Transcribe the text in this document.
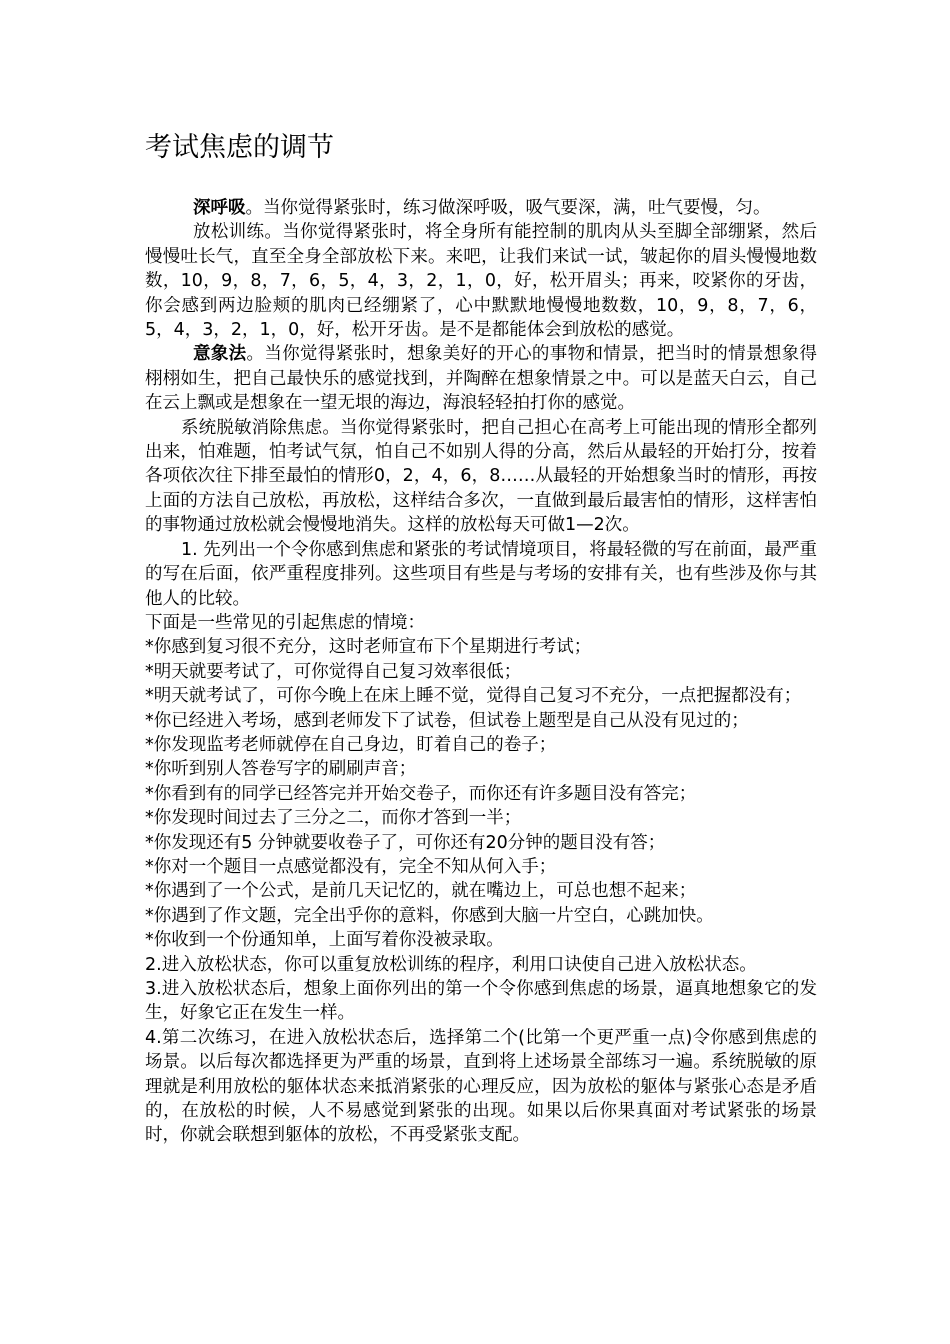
考试焦虑的调节

深呼吸。当你觉得紧张时，练习做深呼吸，吸气要深，满，吐气要慢，匀。

放松训练。当你觉得紧张时，将全身所有能控制的肌肉从头至脚全部绷紧，然后慢慢吐长气，直至全身全部放松下来。来吧，让我们来试一试，皱起你的眉头慢慢地数数，10，9，8，7，6，5，4，3，2，1，0，好，松开眉头；再来，咬紧你的牙齿，你会感到两边脸颊的肌肉已经绷紧了，心中默默地慢慢地数数，10，9，8，7，6，5，4，3，2，1，0，好，松开牙齿。是不是都能体会到放松的感觉。

意象法。当你觉得紧张时，想象美好的开心的事物和情景，把当时的情景想象得栩栩如生，把自己最快乐的感觉找到，并陶醉在想象情景之中。可以是蓝天白云，自己在云上飘或是想象在一望无垠的海边，海浪轻轻拍打你的感觉。

系统脱敏消除焦虑。当你觉得紧张时，把自己担心在高考上可能出现的情形全都列出来，怕难题，怕考试气氛，怕自己不如别人得的分高，然后从最轻的开始打分，按着各项依次往下排至最怕的情形0，2，4，6，8……从最轻的开始想象当时的情形，再按上面的方法自己放松，再放松，这样结合多次，一直做到最后最害怕的情形，这样害怕的事物通过放松就会慢慢地消失。这样的放松每天可做1—2次。

1. 先列出一个令你感到焦虑和紧张的考试情境项目，将最轻微的写在前面，最严重的写在后面，依严重程度排列。这些项目有些是与考场的安排有关，也有些涉及你与其他人的比较。

下面是一些常见的引起焦虑的情境：

*你感到复习很不充分，这时老师宣布下个星期进行考试；

*明天就要考试了，可你觉得自己复习效率很低；

*明天就考试了，可你今晚上在床上睡不觉，觉得自己复习不充分，一点把握都没有；

*你已经进入考场，感到老师发下了试卷，但试卷上题型是自己从没有见过的；

*你发现监考老师就停在自己身边，盯着自己的卷子；

*你听到别人答卷写字的刷刷声音；

*你看到有的同学已经答完并开始交卷子，而你还有许多题目没有答完；

*你发现时间过去了三分之二，而你才答到一半；

*你发现还有5 分钟就要收卷子了，可你还有20分钟的题目没有答；

*你对一个题目一点感觉都没有，完全不知从何入手；

*你遇到了一个公式，是前几天记忆的，就在嘴边上，可总也想不起来；

*你遇到了作文题，完全出乎你的意料，你感到大脑一片空白，心跳加快。

*你收到一个份通知单，上面写着你没被录取。

2.进入放松状态，你可以重复放松训练的程序，利用口诀使自己进入放松状态。

3.进入放松状态后，想象上面你列出的第一个令你感到焦虑的场景，逼真地想象它的发生，好象它正在发生一样。

4.第二次练习，在进入放松状态后，选择第二个(比第一个更严重一点)令你感到焦虑的场景。以后每次都选择更为严重的场景，直到将上述场景全部练习一遍。系统脱敏的原理就是利用放松的躯体状态来抵消紧张的心理反应，因为放松的躯体与紧张心态是矛盾的，在放松的时候，人不易感觉到紧张的出现。如果以后你果真面对考试紧张的场景时，你就会联想到躯体的放松，不再受紧张支配。
